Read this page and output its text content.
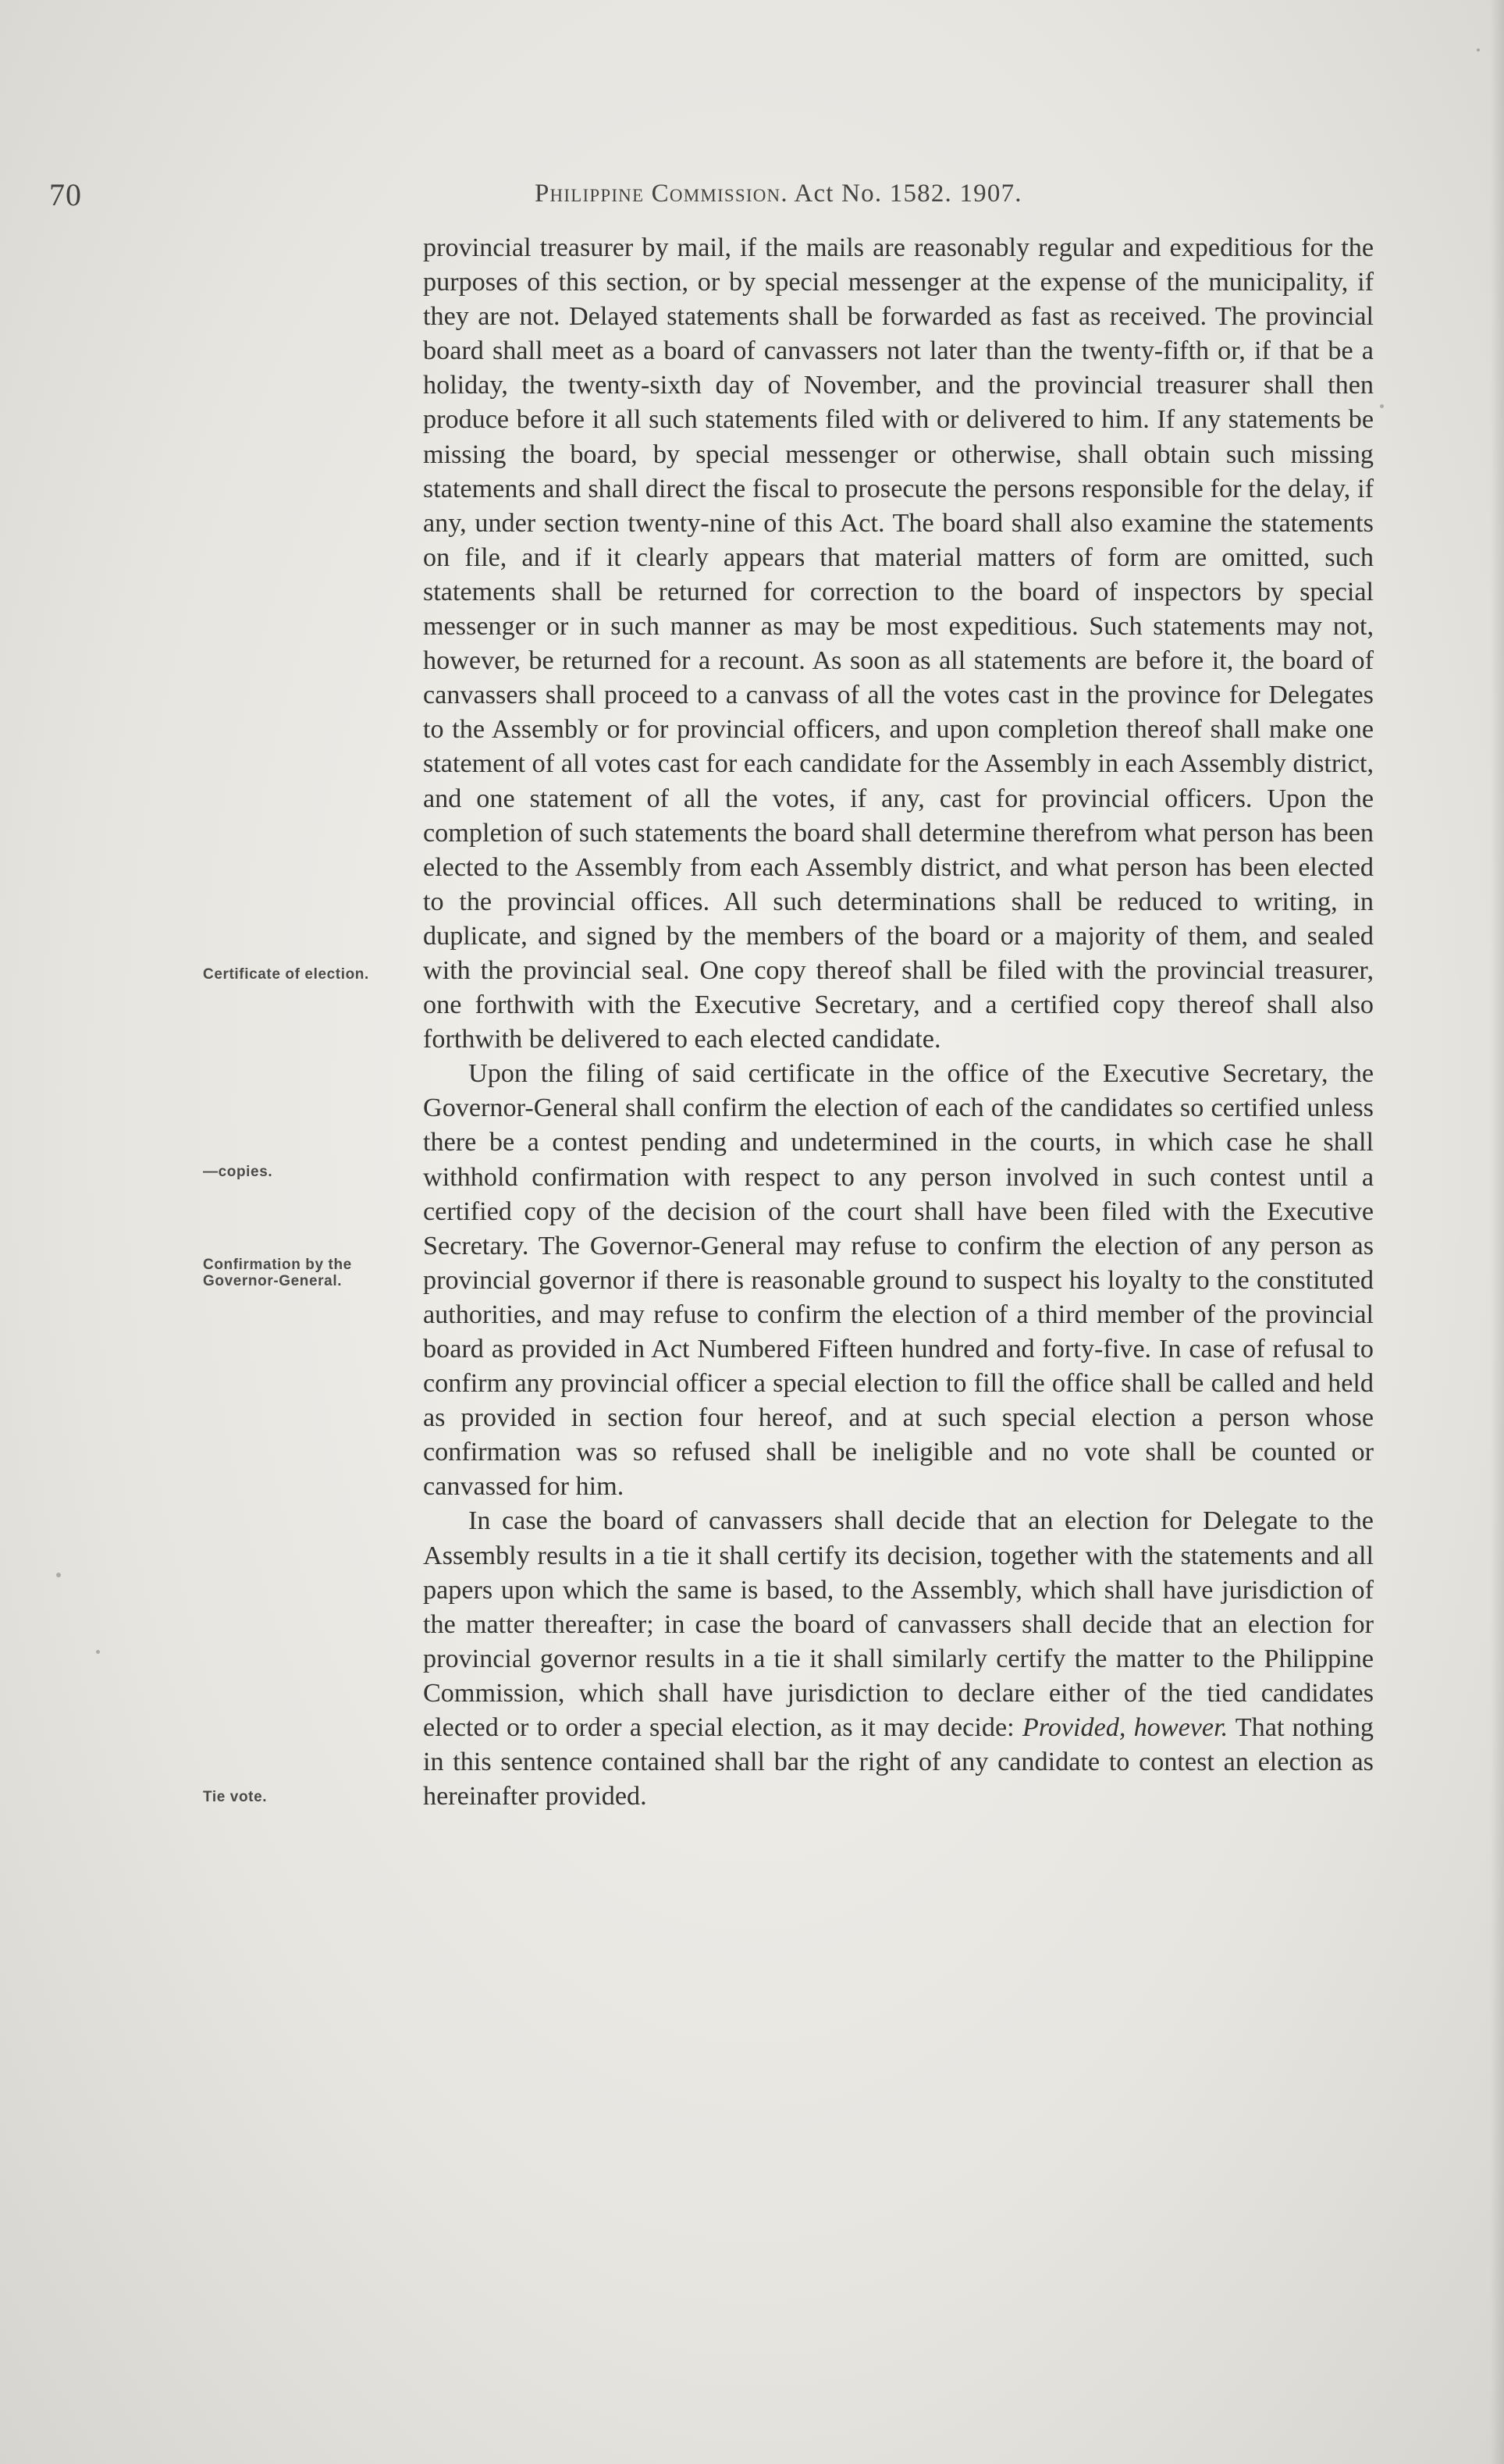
70	Philippine Commission. Act No. 1582. 1907.

provincial treasurer by mail, if the mails are reasonably regular and expeditious for the purposes of this section, or by special messenger at the expense of the municipality, if they are not. Delayed statements shall be forwarded as fast as received. The provincial board shall meet as a board of canvassers not later than the twenty-fifth or, if that be a holiday, the twenty-sixth day of November, and the provincial treasurer shall then produce before it all such statements filed with or delivered to him. If any statements be missing the board, by special messenger or otherwise, shall obtain such missing statements and shall direct the fiscal to prosecute the persons responsible for the delay, if any, under section twenty-nine of this Act. The board shall also examine the statements on file, and if it clearly appears that material matters of form are omitted, such statements shall be returned for correction to the board of inspectors by special messenger or in such manner as may be most expeditious. Such statements may not, however, be returned for a recount. As soon as all statements are before it, the board of canvassers shall proceed to a canvass of all the votes cast in the province for Delegates to the Assembly or for provincial officers, and upon completion thereof shall make one statement of all votes cast for each candidate for the Assembly in each Assembly district, and one statement of all the votes, if any, cast for provincial officers. Upon the completion of such statements the board shall determine therefrom what person has been elected to the Assembly from each Assembly district, and what person has been elected to the provincial offices. All such determinations shall be reduced to writing, in duplicate, and signed by the members of the board or a majority of them, and sealed with the provincial seal. One copy thereof shall be filed with the provincial treasurer, one forthwith with the Executive Secretary, and a certified copy thereof shall also forthwith be delivered to each elected candidate.

Upon the filing of said certificate in the office of the Executive Secretary, the Governor-General shall confirm the election of each of the candidates so certified unless there be a contest pending and undetermined in the courts, in which case he shall withhold confirmation with respect to any person involved in such contest until a certified copy of the decision of the court shall have been filed with the Executive Secretary. The Governor-General may refuse to confirm the election of any person as provincial governor if there is reasonable ground to suspect his loyalty to the constituted authorities, and may refuse to confirm the election of a third member of the provincial board as provided in Act Numbered Fifteen hundred and forty-five. In case of refusal to confirm any provincial officer a special election to fill the office shall be called and held as provided in section four hereof, and at such special election a person whose confirmation was so refused shall be ineligible and no vote shall be counted or canvassed for him.

In case the board of canvassers shall decide that an election for Delegate to the Assembly results in a tie it shall certify its decision, together with the statements and all papers upon which the same is based, to the Assembly, which shall have jurisdiction of the matter thereafter; in case the board of canvassers shall decide that an election for provincial governor results in a tie it shall similarly certify the matter to the Philippine Commission, which shall have jurisdiction to declare either of the tied candidates elected or to order a special election, as it may decide: Provided, however. That nothing in this sentence contained shall bar the right of any candidate to contest an election as hereinafter provided.

Certificate of election.
—copies.
Confirmation by the Governor-General.
Tie vote.
